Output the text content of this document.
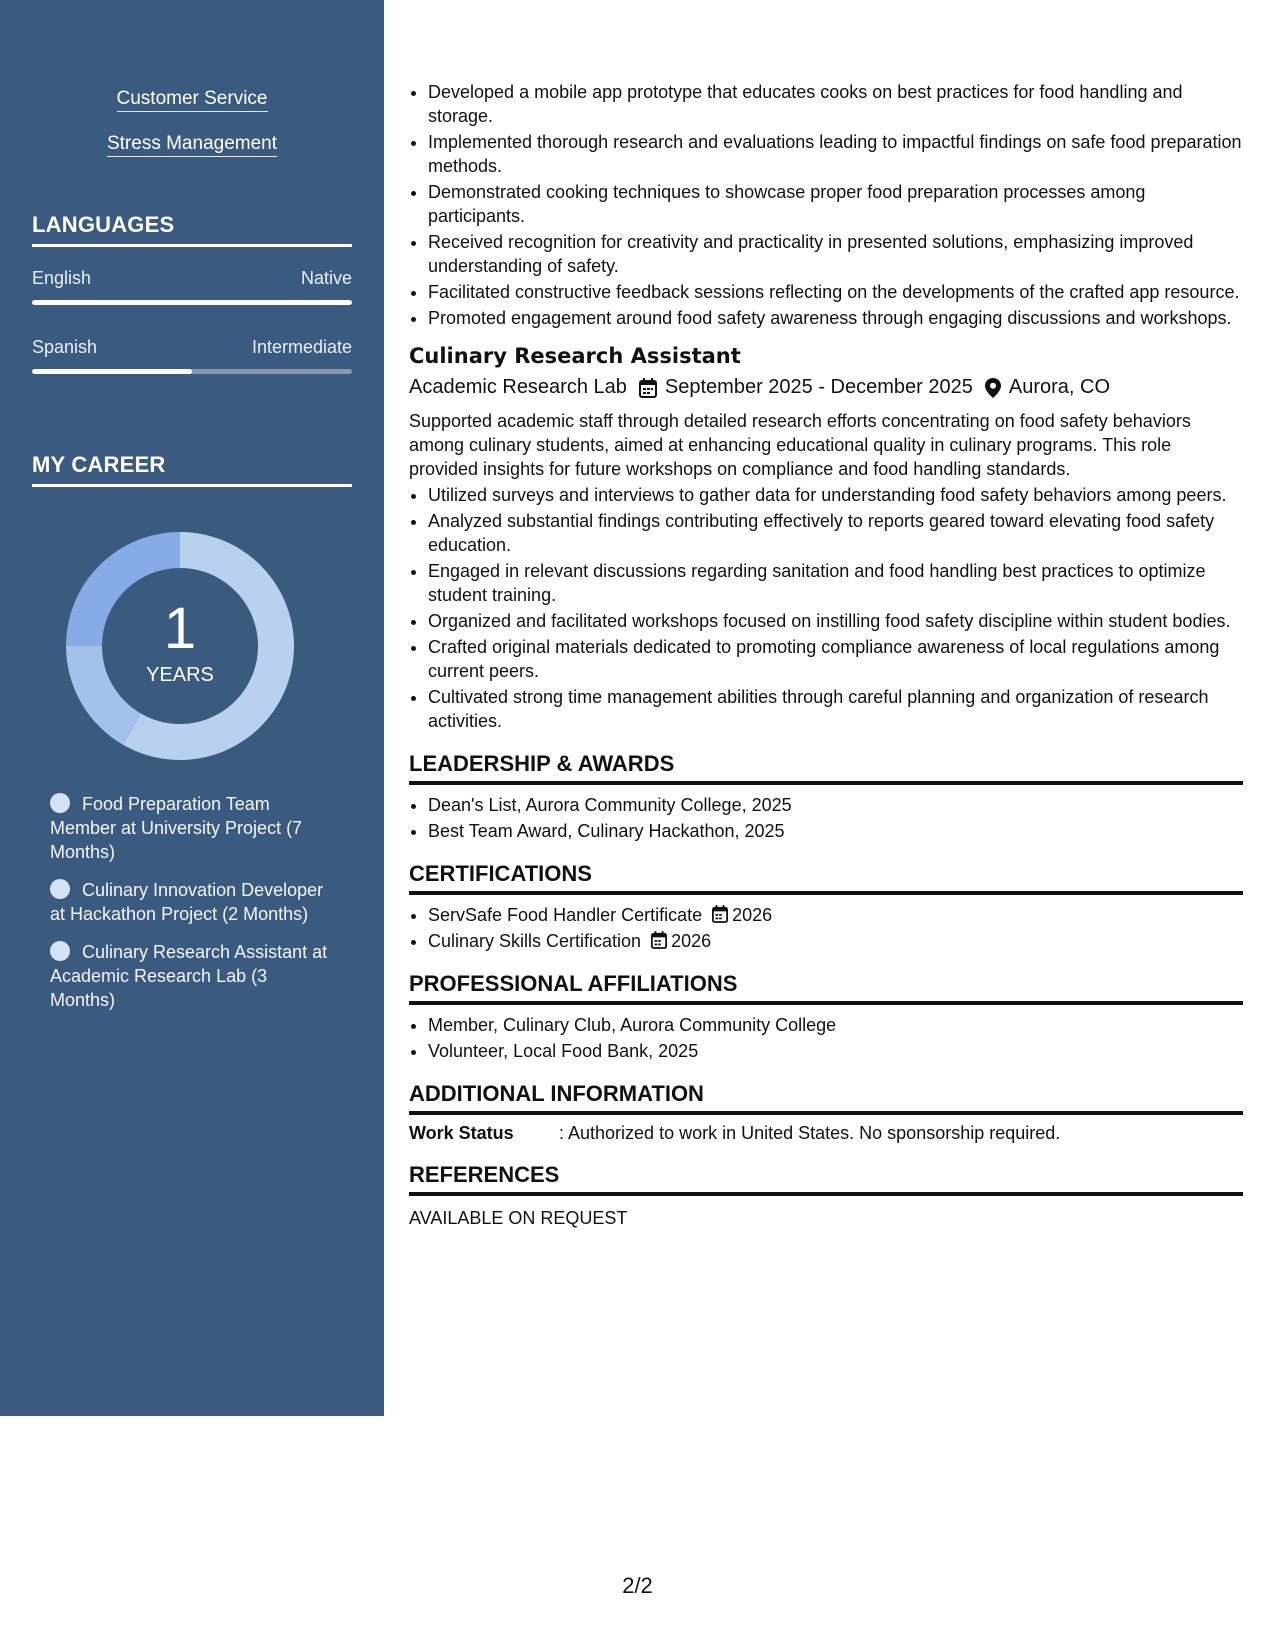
Customer Service
Stress Management
LANGUAGES
English	Native
Spanish	Intermediate
MY CAREER
1
YEARS
Food Preparation Team Member at University Project (7 Months)
Culinary Innovation Developer at Hackathon Project (2 Months)
Culinary Research Assistant at Academic Research Lab (3 Months)
• Developed a mobile app prototype that educates cooks on best practices for food handling and storage.
• Implemented thorough research and evaluations leading to impactful findings on safe food preparation methods.
• Demonstrated cooking techniques to showcase proper food preparation processes among participants.
• Received recognition for creativity and practicality in presented solutions, emphasizing improved understanding of safety.
• Facilitated constructive feedback sessions reflecting on the developments of the crafted app resource.
• Promoted engagement around food safety awareness through engaging discussions and workshops.
Culinary Research Assistant
Academic Research Lab September 2025 - December 2025 Aurora, CO
Supported academic staff through detailed research efforts concentrating on food safety behaviors among culinary students, aimed at enhancing educational quality in culinary programs. This role provided insights for future workshops on compliance and food handling standards.
• Utilized surveys and interviews to gather data for understanding food safety behaviors among peers.
• Analyzed substantial findings contributing effectively to reports geared toward elevating food safety education.
• Engaged in relevant discussions regarding sanitation and food handling best practices to optimize student training.
• Organized and facilitated workshops focused on instilling food safety discipline within student bodies.
• Crafted original materials dedicated to promoting compliance awareness of local regulations among current peers.
• Cultivated strong time management abilities through careful planning and organization of research activities.
LEADERSHIP & AWARDS
• Dean's List, Aurora Community College, 2025
• Best Team Award, Culinary Hackathon, 2025
CERTIFICATIONS
• ServSafe Food Handler Certificate 2026
• Culinary Skills Certification 2026
PROFESSIONAL AFFILIATIONS
• Member, Culinary Club, Aurora Community College
• Volunteer, Local Food Bank, 2025
ADDITIONAL INFORMATION
Work Status	: Authorized to work in United States. No sponsorship required.
REFERENCES
AVAILABLE ON REQUEST
2/2
